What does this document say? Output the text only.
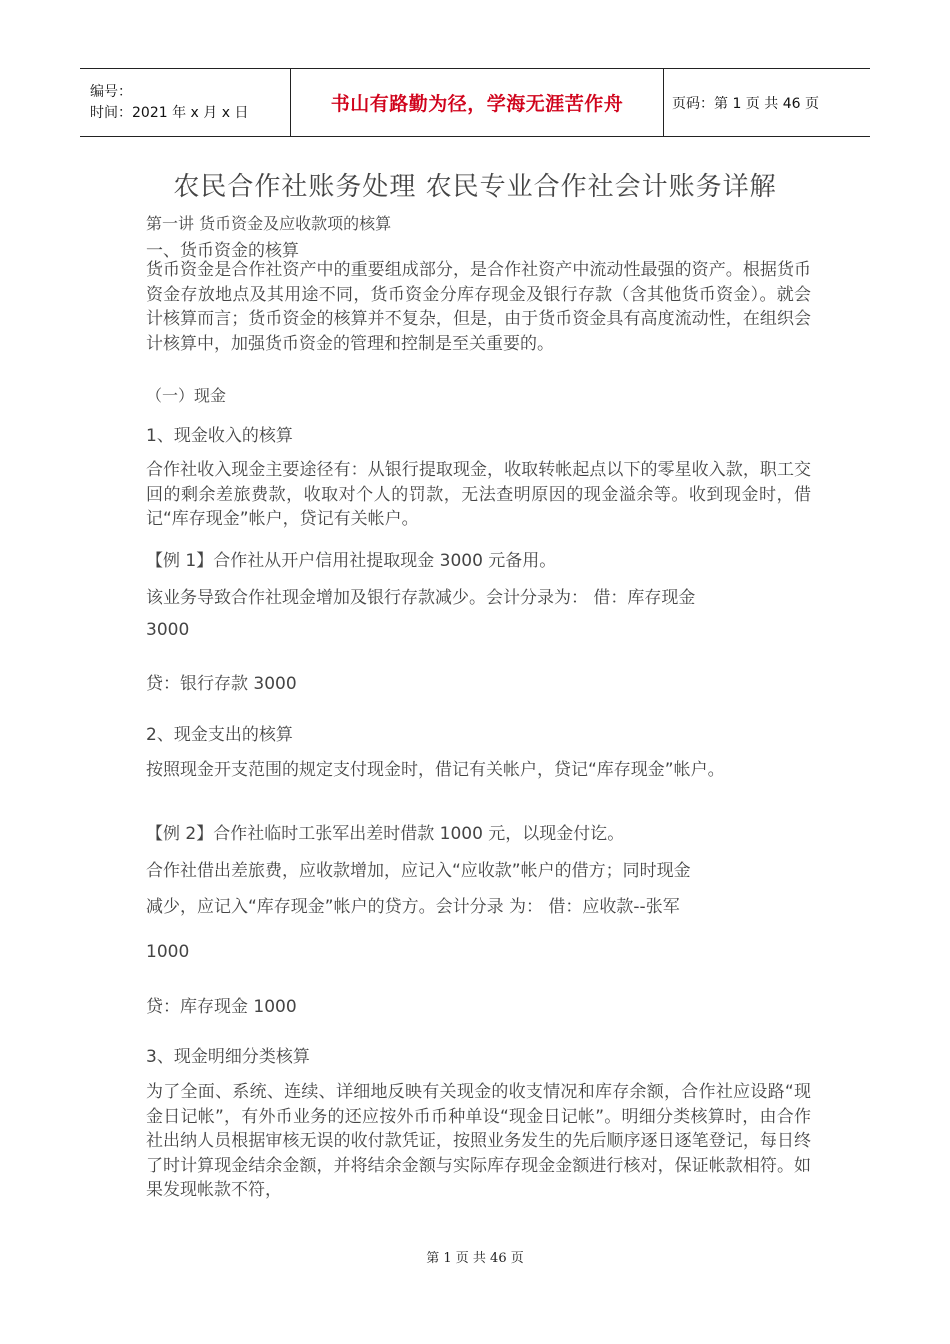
编号：
时间：2021 年 x 月 x 日	书山有路勤为径，学海无涯苦作舟	页码：第 1 页 共 46 页
农民合作社账务处理 农民专业合作社会计账务详解
第一讲 货币资金及应收款项的核算
一、货币资金的核算
货币资金是合作社资产中的重要组成部分，是合作社资产中流动性最强的资产。根据货币资金存放地点及其用途不同，货币资金分库存现金及银行存款（含其他货币资金）。就会计核算而言；货币资金的核算并不复杂，但是，由于货币资金具有高度流动性，在组织会计核算中，加强货币资金的管理和控制是至关重要的。
（一）现金
1、现金收入的核算
合作社收入现金主要途径有：从银行提取现金，收取转帐起点以下的零星收入款，职工交回的剩余差旅费款，收取对个人的罚款，无法查明原因的现金溢余等。收到现金时，借记“库存现金”帐户，贷记有关帐户。
【例 1】合作社从开户信用社提取现金 3000 元备用。
该业务导致合作社现金增加及银行存款减少。会计分录为： 借：库存现金
3000
贷：银行存款 3000
2、现金支出的核算
按照现金开支范围的规定支付现金时，借记有关帐户，贷记“库存现金”帐户。
【例 2】合作社临时工张军出差时借款 1000 元，以现金付讫。
合作社借出差旅费，应收款增加，应记入“应收款”帐户的借方；同时现金
减少，应记入“库存现金”帐户的贷方。会计分录 为： 借：应收款--张军
1000
贷：库存现金 1000
3、现金明细分类核算
为了全面、系统、连续、详细地反映有关现金的收支情况和库存余额，合作社应设路“现金日记帐”，有外币业务的还应按外币币种单设“现金日记帐”。明细分类核算时，由合作社出纳人员根据审核无误的收付款凭证，按照业务发生的先后顺序逐日逐笔登记，每日终了时计算现金结余金额，并将结余金额与实际库存现金金额进行核对，保证帐款相符。如果发现帐款不符，
第 1 页 共 46 页
